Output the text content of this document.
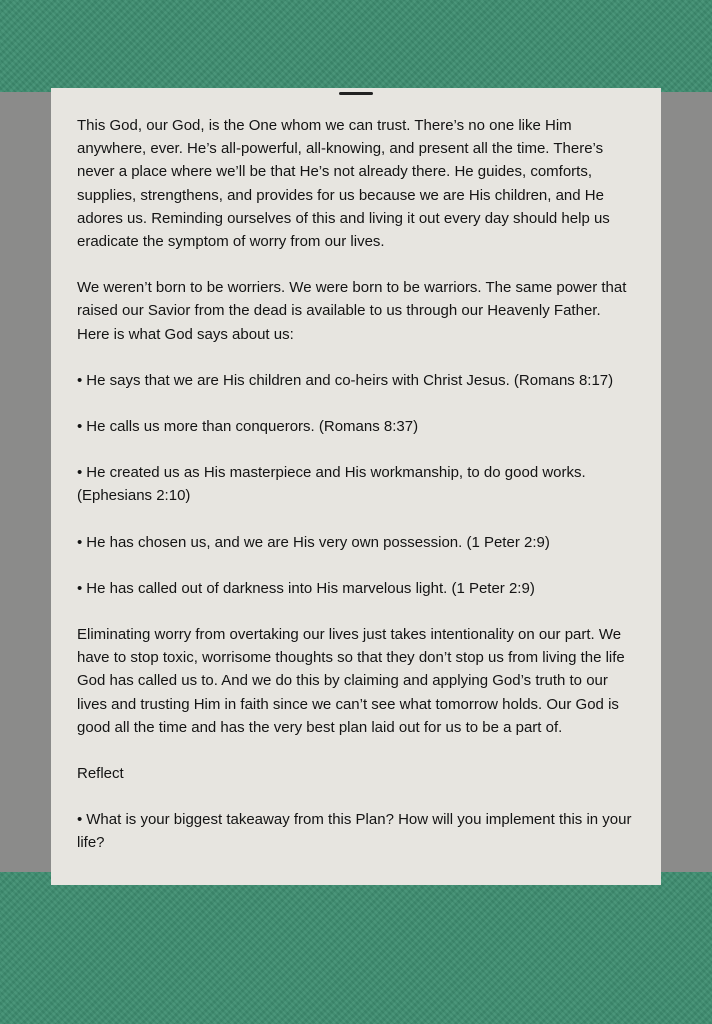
This God, our God, is the One whom we can trust. There’s no one like Him anywhere, ever. He’s all-powerful, all-knowing, and present all the time. There’s never a place where we’ll be that He’s not already there. He guides, comforts, supplies, strengthens, and provides for us because we are His children, and He adores us. Reminding ourselves of this and living it out every day should help us eradicate the symptom of worry from our lives.

We weren’t born to be worriers. We were born to be warriors. The same power that raised our Savior from the dead is available to us through our Heavenly Father. Here is what God says about us:

• He says that we are His children and co-heirs with Christ Jesus. (Romans 8:17)

• He calls us more than conquerors. (Romans 8:37)

• He created us as His masterpiece and His workmanship, to do good works. (Ephesians 2:10)

• He has chosen us, and we are His very own possession. (1 Peter 2:9)

• He has called out of darkness into His marvelous light. (1 Peter 2:9)

Eliminating worry from overtaking our lives just takes intentionality on our part. We have to stop toxic, worrisome thoughts so that they don’t stop us from living the life God has called us to. And we do this by claiming and applying God’s truth to our lives and trusting Him in faith since we can’t see what tomorrow holds. Our God is good all the time and has the very best plan laid out for us to be a part of.

Reflect

• What is your biggest takeaway from this Plan? How will you implement this in your life?
